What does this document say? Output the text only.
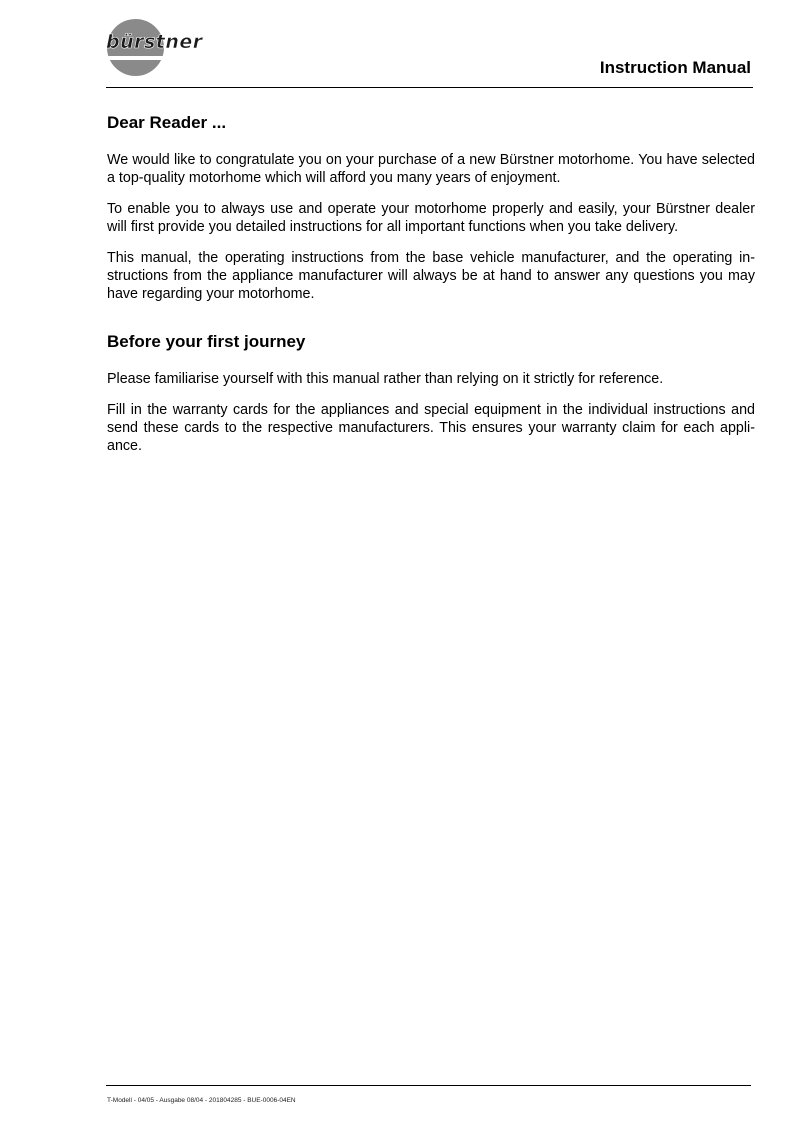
bürstner
Instruction Manual
Dear Reader ...

We would like to congratulate you on your purchase of a new Bürstner motorhome. You have selected a top-quality motorhome which will afford you many years of enjoyment.

To enable you to always use and operate your motorhome properly and easily, your Bürstner dealer will first provide you detailed instructions for all important functions when you take delivery.

This manual, the operating instructions from the base vehicle manufacturer, and the operating instructions from the appliance manufacturer will always be at hand to answer any questions you may have regarding your motorhome.

Before your first journey

Please familiarise yourself with this manual rather than relying on it strictly for reference.

Fill in the warranty cards for the appliances and special equipment in the individual instructions and send these cards to the respective manufacturers. This ensures your warranty claim for each appliance.

T-Modell - 04/05 - Ausgabe 08/04 - 201804285 - BUE-0006-04EN
